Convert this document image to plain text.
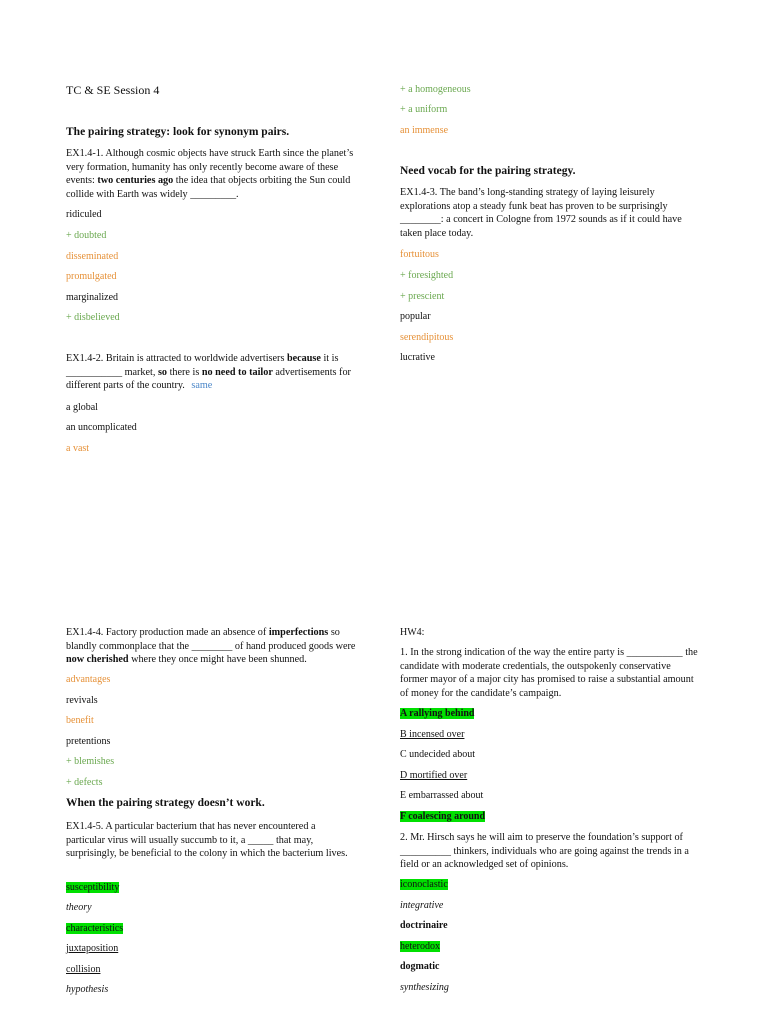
TC & SE Session 4
The pairing strategy: look for synonym pairs.
EX1.4-1. Although cosmic objects have struck Earth since the planet’s very formation, humanity has only recently become aware of these events: two centuries ago the idea that objects orbiting the Sun could collide with Earth was widely _________.
ridiculed
+ doubted
disseminated
promulgated
marginalized
+ disbelieved
EX1.4-2. Britain is attracted to worldwide advertisers because it is ___________ market, so there is no need to tailor advertisements for different parts of the country. same
a global
an uncomplicated
a vast
+ a homogeneous
+ a uniform
an immense
Need vocab for the pairing strategy.
EX1.4-3. The band’s long-standing strategy of laying leisurely explorations atop a steady funk beat has proven to be surprisingly ________: a concert in Cologne from 1972 sounds as if it could have taken place today.
fortuitous
+ foresighted
+ prescient
popular
serendipitous
lucrative
EX1.4-4. Factory production made an absence of imperfections so blandly commonplace that the ________ of hand produced goods were now cherished where they once might have been shunned.
advantages
revivals
benefit
pretentions
+ blemishes
+ defects
When the pairing strategy doesn’t work.
EX1.4-5. A particular bacterium that has never encountered a particular virus will usually succumb to it, a _____ that may, surprisingly, be beneficial to the colony in which the bacterium lives.
susceptibility
theory
characteristics
juxtaposition
collision
hypothesis
HW4:
1. In the strong indication of the way the entire party is ___________ the candidate with moderate credentials, the outspokenly conservative former mayor of a major city has promised to raise a substantial amount of money for the candidate’s campaign.
A rallying behind
B incensed over
C undecided about
D mortified over
E embarrassed about
F coalescing around
2. Mr. Hirsch says he will aim to preserve the foundation’s support of __________ thinkers, individuals who are going against the trends in a field or an acknowledged set of opinions.
iconoclastic
integrative
doctrinaire
heterodox
dogmatic
synthesizing
